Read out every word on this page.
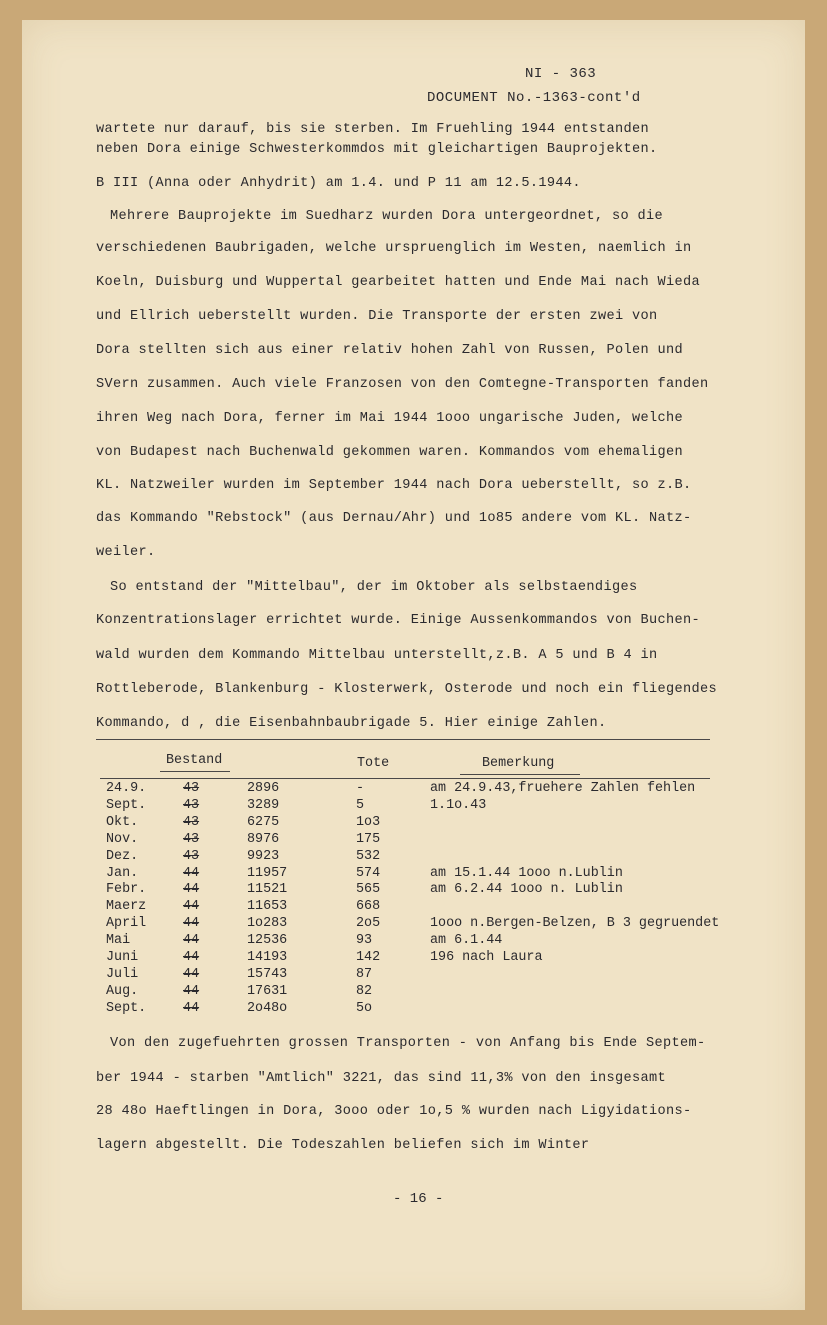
NI - 363
DOCUMENT No.-1363-cont'd
wartete nur darauf, bis sie sterben. Im Fruehling 1944 entstanden
neben Dora einige Schwesterkommdos mit gleichartigen Bauprojekten.
B III (Anna oder Anhydrit) am 1.4. und P 11 am 12.5.1944.
Mehrere Bauprojekte im Suedharz wurden Dora untergeordnet, so die
verschiedenen Baubrigaden, welche urspruenglich im Westen, naemlich in
Koeln, Duisburg und Wuppertal gearbeitet hatten und Ende Mai nach Wieda
und Ellrich ueberstellt wurden. Die Transporte der ersten zwei von
Dora stellten sich aus einer relativ hohen Zahl von Russen, Polen und
SVern zusammen. Auch viele Franzosen von den Comtegne-Transporten fanden
ihren Weg nach Dora, ferner im Mai 1944 1ooo ungarische Juden, welche
von Budapest nach Buchenwald gekommen waren. Kommandos vom ehemaligen
KL. Natzweiler wurden im September 1944 nach Dora ueberstellt, so z.B.
das Kommando "Rebstock" (aus Dernau/Ahr) und 1o85 andere vom KL. Natz-
weiler.
So entstand der "Mittelbau", der im Oktober als selbstaendiges
Konzentrationslager errichtet wurde. Einige Aussenkommandos von Buchen-
wald wurden dem Kommando Mittelbau unterstellt,z.B. A 5 und B 4 in
Rottleberode, Blankenburg - Klosterwerk, Osterode und noch ein fliegendes
Kommando, d , die Eisenbahnbaubrigade 5. Hier einige Zahlen.
Bestand	Tote	Bemerkung
24.9.	43	2896	-	am 24.9.43,fruehere Zahlen fehlen
Sept.	43	3289	5	1.1o.43
Okt.	43	6275	1o3
Nov.	43	8976	175
Dez.	43	9923	532
Jan.	44	11957	574	am 15.1.44 1ooo n.Lublin
Febr.	44	11521	565	am 6.2.44 1ooo n. Lublin
Maerz	44	11653	668
April	44	1o283	2o5	1ooo n.Bergen-Belzen, B 3 gegruendet
Mai	44	12536	93	am 6.1.44
Juni	44	14193	142	196 nach Laura
Juli	44	15743	87
Aug.	44	17631	82
Sept.	44	2o48o	5o
Von den zugefuehrten grossen Transporten - von Anfang bis Ende Septem-
ber 1944 - starben "Amtlich" 3221, das sind 11,3% von den insgesamt
28 48o Haeftlingen in Dora, 3ooo oder 1o,5 % wurden nach Ligyidations-
lagern abgestellt. Die Todeszahlen beliefen sich im Winter
- 16 -
